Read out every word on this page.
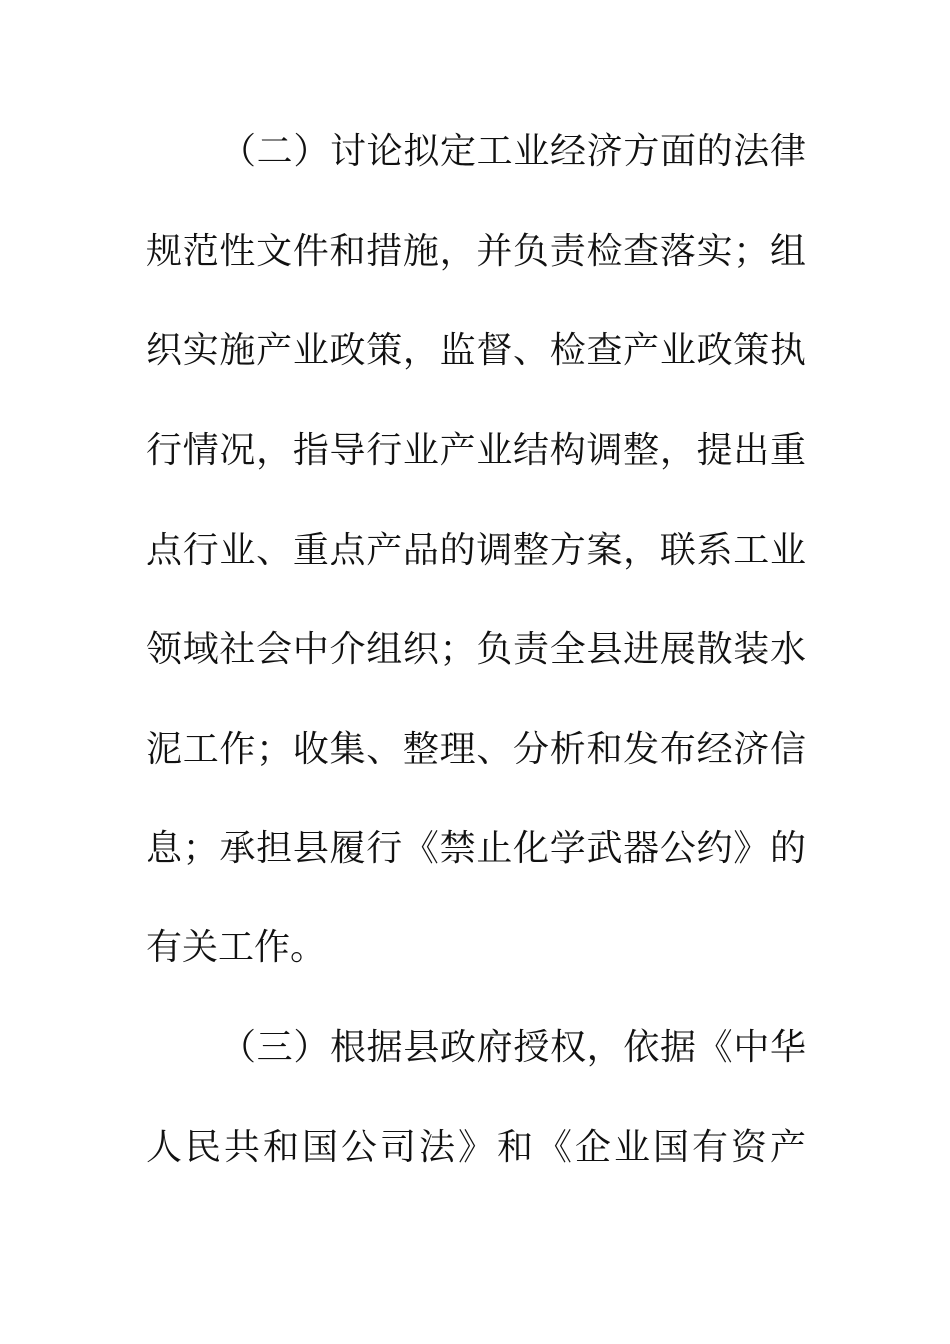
（二）讨论拟定工业经济方面的法律
规范性文件和措施，并负责检查落实；组
织实施产业政策，监督、检查产业政策执
行情况，指导行业产业结构调整，提出重
点行业、重点产品的调整方案，联系工业
领域社会中介组织；负责全县进展散装水
泥工作；收集、整理、分析和发布经济信
息；承担县履行《禁止化学武器公约》的
有关工作。
（三）根据县政府授权，依据《中华
人民共和国公司法》和《企业国有资产
